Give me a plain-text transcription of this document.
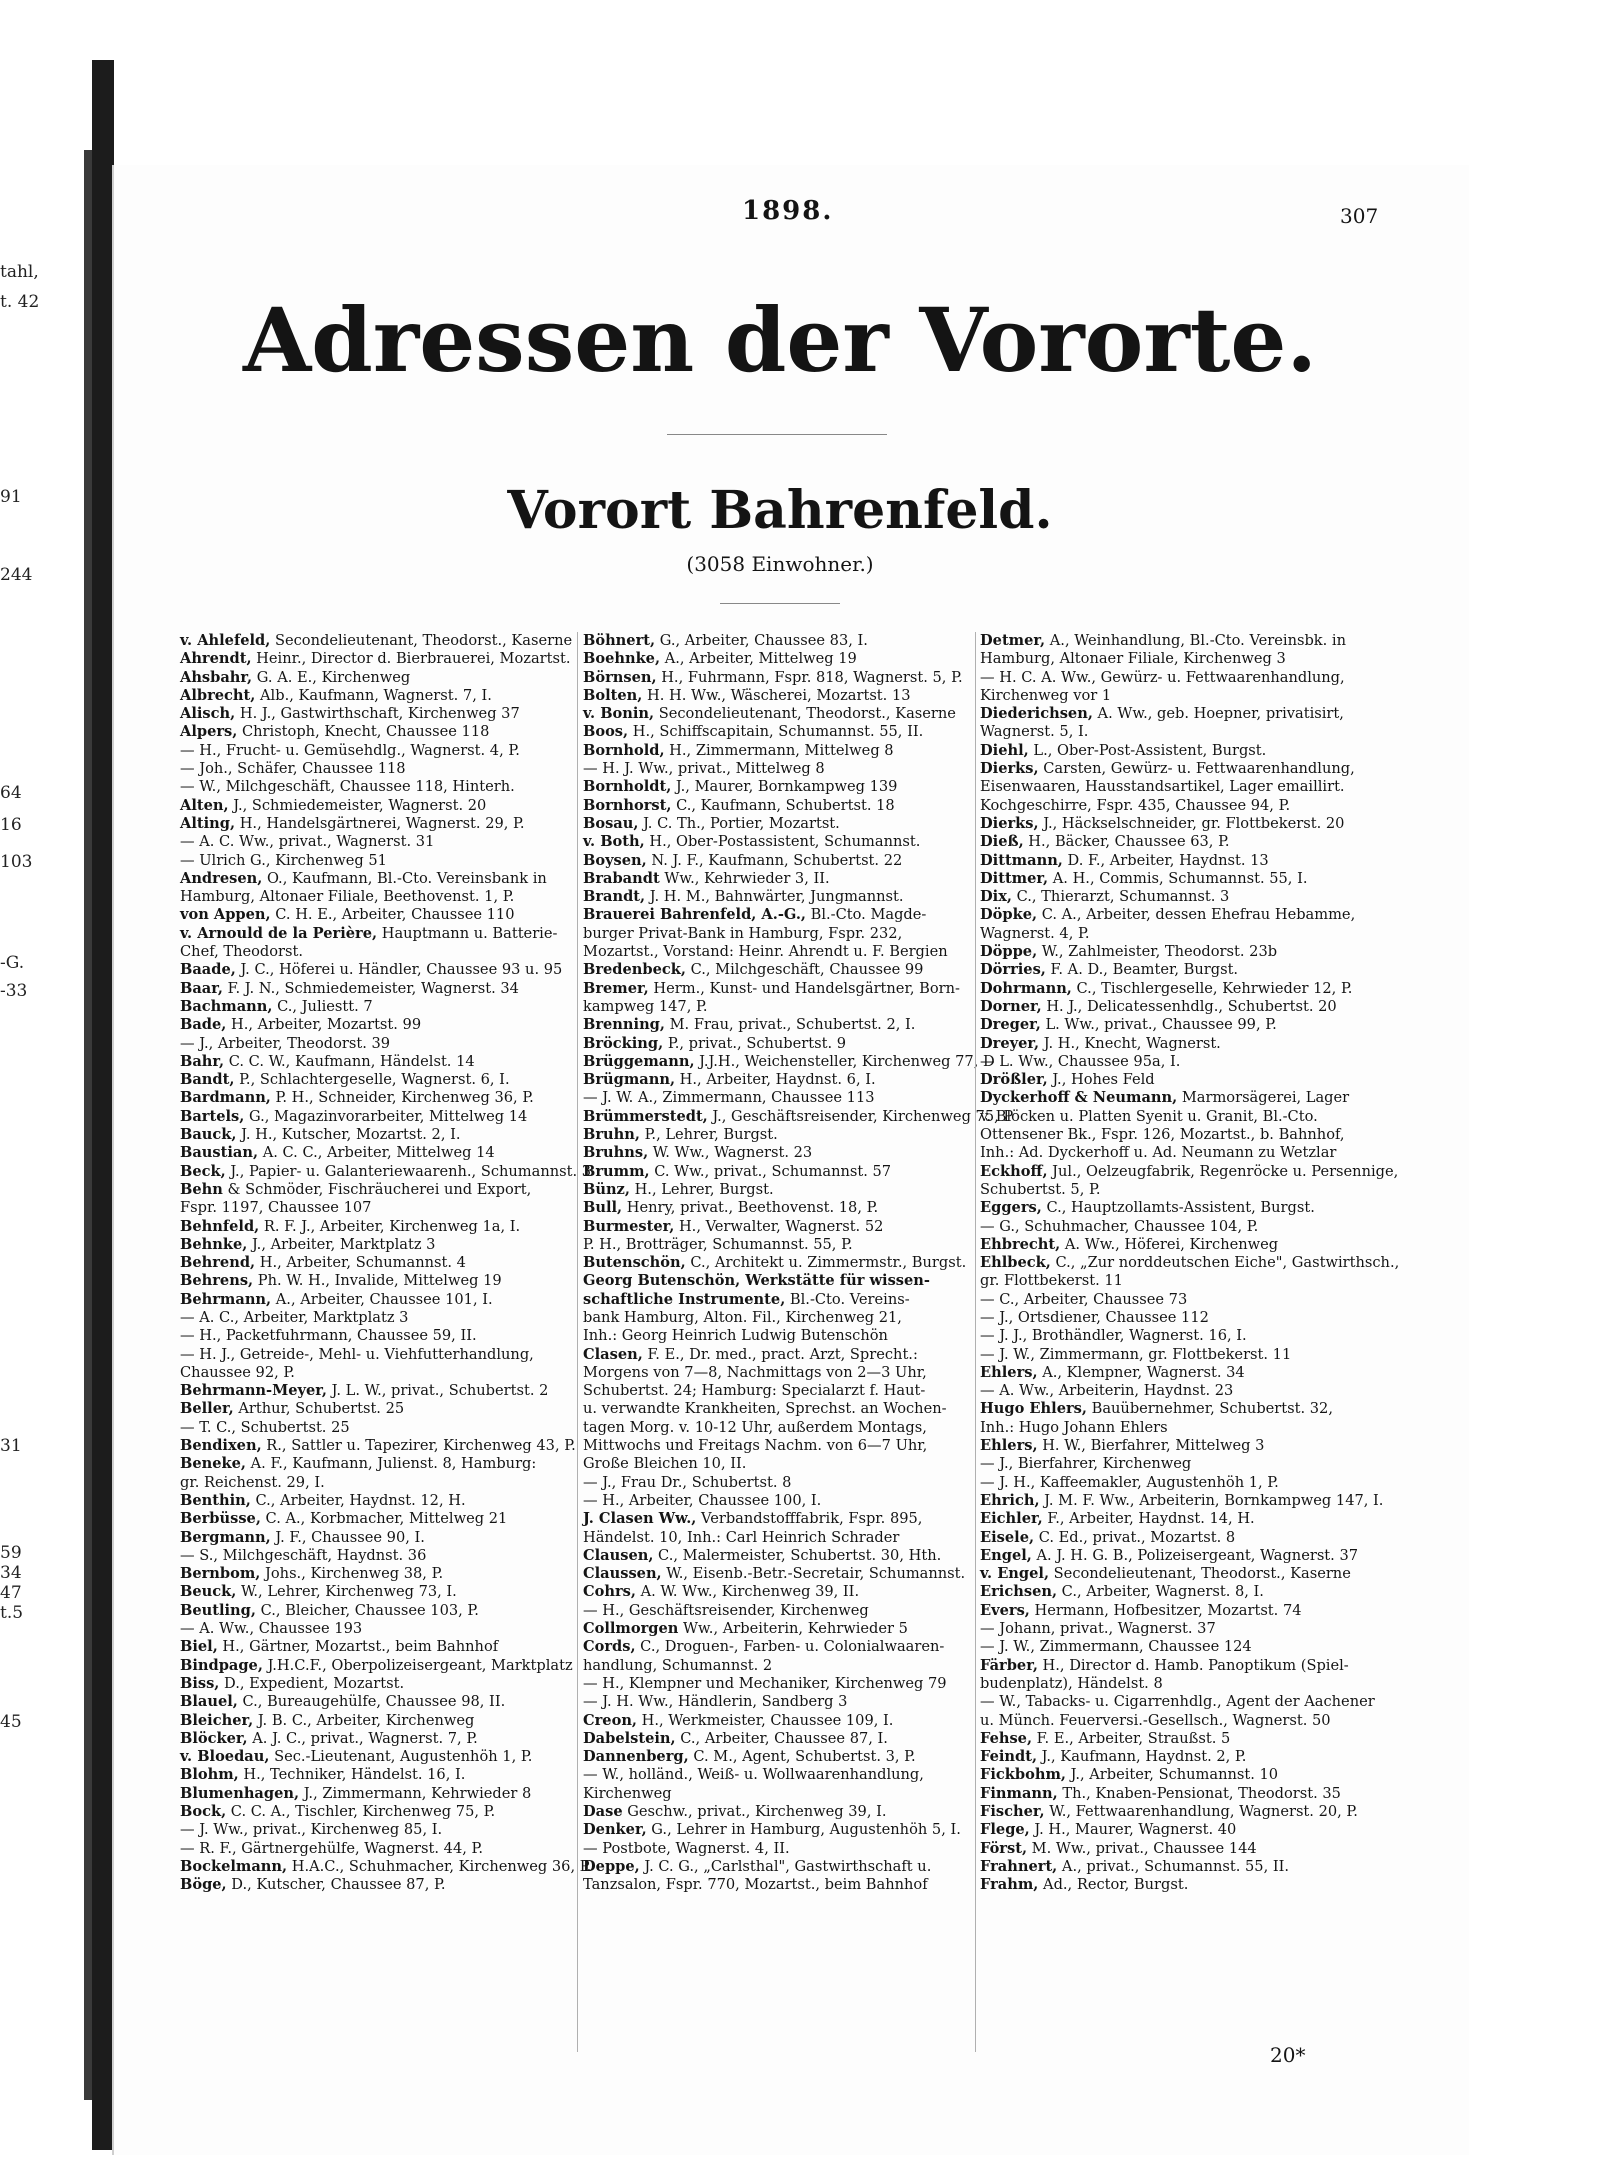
tahl,
t. 42
91
244
64
16
103
-G.
-33
31
59
34
47
t.5
45
1898.	307
Adressen der Vororte.
Vorort Bahrenfeld.
(3058 Einwohner.)
v. Ahlefeld, Secondelieutenant, Theodorst., Kaserne
Ahrendt, Heinr., Director d. Bierbrauerei, Mozartst.
Ahsbahr, G. A. E., Kirchenweg
Albrecht, Alb., Kaufmann, Wagnerst. 7, I.
Alisch, H. J., Gastwirthschaft, Kirchenweg 37
Alpers, Christoph, Knecht, Chaussee 118
— H., Frucht- u. Gemüsehdlg., Wagnerst. 4, P.
— Joh., Schäfer, Chaussee 118
— W., Milchgeschäft, Chaussee 118, Hinterh.
Alten, J., Schmiedemeister, Wagnerst. 20
Alting, H., Handelsgärtnerei, Wagnerst. 29, P.
— A. C. Ww., privat., Wagnerst. 31
— Ulrich G., Kirchenweg 51
Andresen, O., Kaufmann, Bl.-Cto. Vereinsbank in
Hamburg, Altonaer Filiale, Beethovenst. 1, P.
von Appen, C. H. E., Arbeiter, Chaussee 110
v. Arnould de la Perière, Hauptmann u. Batterie-
Chef, Theodorst.
Baade, J. C., Höferei u. Händler, Chaussee 93 u. 95
Baar, F. J. N., Schmiedemeister, Wagnerst. 34
Bachmann, C., Juliestt. 7
Bade, H., Arbeiter, Mozartst. 99
— J., Arbeiter, Theodorst. 39
Bahr, C. C. W., Kaufmann, Händelst. 14
Bandt, P., Schlachtergeselle, Wagnerst. 6, I.
Bardmann, P. H., Schneider, Kirchenweg 36, P.
Bartels, G., Magazinvorarbeiter, Mittelweg 14
Bauck, J. H., Kutscher, Mozartst. 2, I.
Baustian, A. C. C., Arbeiter, Mittelweg 14
Beck, J., Papier- u. Galanteriewaarenh., Schumannst. 3
Behn & Schmöder, Fischräucherei und Export,
Fspr. 1197, Chaussee 107
Behnfeld, R. F. J., Arbeiter, Kirchenweg 1a, I.
Behnke, J., Arbeiter, Marktplatz 3
Behrend, H., Arbeiter, Schumannst. 4
Behrens, Ph. W. H., Invalide, Mittelweg 19
Behrmann, A., Arbeiter, Chaussee 101, I.
— A. C., Arbeiter, Marktplatz 3
— H., Packetfuhrmann, Chaussee 59, II.
— H. J., Getreide-, Mehl- u. Viehfutterhandlung,
Chaussee 92, P.
Behrmann-Meyer, J. L. W., privat., Schubertst. 2
Beller, Arthur, Schubertst. 25
— T. C., Schubertst. 25
Bendixen, R., Sattler u. Tapezirer, Kirchenweg 43, P.
Beneke, A. F., Kaufmann, Julienst. 8, Hamburg:
gr. Reichenst. 29, I.
Benthin, C., Arbeiter, Haydnst. 12, H.
Berbüsse, C. A., Korbmacher, Mittelweg 21
Bergmann, J. F., Chaussee 90, I.
— S., Milchgeschäft, Haydnst. 36
Bernbom, Johs., Kirchenweg 38, P.
Beuck, W., Lehrer, Kirchenweg 73, I.
Beutling, C., Bleicher, Chaussee 103, P.
— A. Ww., Chaussee 193
Biel, H., Gärtner, Mozartst., beim Bahnhof
Bindpage, J.H.C.F., Oberpolizeisergeant, Marktplatz
Biss, D., Expedient, Mozartst.
Blauel, C., Bureaugehülfe, Chaussee 98, II.
Bleicher, J. B. C., Arbeiter, Kirchenweg
Blöcker, A. J. C., privat., Wagnerst. 7, P.
v. Bloedau, Sec.-Lieutenant, Augustenhöh 1, P.
Blohm, H., Techniker, Händelst. 16, I.
Blumenhagen, J., Zimmermann, Kehrwieder 8
Bock, C. C. A., Tischler, Kirchenweg 75, P.
— J. Ww., privat., Kirchenweg 85, I.
— R. F., Gärtnergehülfe, Wagnerst. 44, P.
Bockelmann, H.A.C., Schuhmacher, Kirchenweg 36, P.
Böge, D., Kutscher, Chaussee 87, P.
Böhnert, G., Arbeiter, Chaussee 83, I.
Boehnke, A., Arbeiter, Mittelweg 19
Börnsen, H., Fuhrmann, Fspr. 818, Wagnerst. 5, P.
Bolten, H. H. Ww., Wäscherei, Mozartst. 13
v. Bonin, Secondelieutenant, Theodorst., Kaserne
Boos, H., Schiffscapitain, Schumannst. 55, II.
Bornhold, H., Zimmermann, Mittelweg 8
— H. J. Ww., privat., Mittelweg 8
Bornholdt, J., Maurer, Bornkampweg 139
Bornhorst, C., Kaufmann, Schubertst. 18
Bosau, J. C. Th., Portier, Mozartst.
v. Both, H., Ober-Postassistent, Schumannst.
Boysen, N. J. F., Kaufmann, Schubertst. 22
Brabandt Ww., Kehrwieder 3, II.
Brandt, J. H. M., Bahnwärter, Jungmannst.
Brauerei Bahrenfeld, A.-G., Bl.-Cto. Magde-
burger Privat-Bank in Hamburg, Fspr. 232,
Mozartst., Vorstand: Heinr. Ahrendt u. F. Bergien
Bredenbeck, C., Milchgeschäft, Chaussee 99
Bremer, Herm., Kunst- und Handelsgärtner, Born-
kampweg 147, P.
Brenning, M. Frau, privat., Schubertst. 2, I.
Bröcking, P., privat., Schubertst. 9
Brüggemann, J.J.H., Weichensteller, Kirchenweg 77, D
Brügmann, H., Arbeiter, Haydnst. 6, I.
— J. W. A., Zimmermann, Chaussee 113
Brümmerstedt, J., Geschäftsreisender, Kirchenweg 75, P
Bruhn, P., Lehrer, Burgst.
Bruhns, W. Ww., Wagnerst. 23
Brumm, C. Ww., privat., Schumannst. 57
Bünz, H., Lehrer, Burgst.
Bull, Henry, privat., Beethovenst. 18, P.
Burmester, H., Verwalter, Wagnerst. 52
P. H., Brotträger, Schumannst. 55, P.
Butenschön, C., Architekt u. Zimmermstr., Burgst.
Georg Butenschön, Werkstätte für wissen-
schaftliche Instrumente, Bl.-Cto. Vereins-
bank Hamburg, Alton. Fil., Kirchenweg 21,
Inh.: Georg Heinrich Ludwig Butenschön
Clasen, F. E., Dr. med., pract. Arzt, Sprecht.:
Morgens von 7—8, Nachmittags von 2—3 Uhr,
Schubertst. 24; Hamburg: Specialarzt f. Haut-
u. verwandte Krankheiten, Sprechst. an Wochen-
tagen Morg. v. 10-12 Uhr, außerdem Montags,
Mittwochs und Freitags Nachm. von 6—7 Uhr,
Große Bleichen 10, II.
— J., Frau Dr., Schubertst. 8
— H., Arbeiter, Chaussee 100, I.
J. Clasen Ww., Verbandstofffabrik, Fspr. 895,
Händelst. 10, Inh.: Carl Heinrich Schrader
Clausen, C., Malermeister, Schubertst. 30, Hth.
Claussen, W., Eisenb.-Betr.-Secretair, Schumannst.
Cohrs, A. W. Ww., Kirchenweg 39, II.
— H., Geschäftsreisender, Kirchenweg
Collmorgen Ww., Arbeiterin, Kehrwieder 5
Cords, C., Droguen-, Farben- u. Colonialwaaren-
handlung, Schumannst. 2
— H., Klempner und Mechaniker, Kirchenweg 79
— J. H. Ww., Händlerin, Sandberg 3
Creon, H., Werkmeister, Chaussee 109, I.
Dabelstein, C., Arbeiter, Chaussee 87, I.
Dannenberg, C. M., Agent, Schubertst. 3, P.
— W., holländ., Weiß- u. Wollwaarenhandlung,
Kirchenweg
Dase Geschw., privat., Kirchenweg 39, I.
Denker, G., Lehrer in Hamburg, Augustenhöh 5, I.
— Postbote, Wagnerst. 4, II.
Deppe, J. C. G., „Carlsthal", Gastwirthschaft u.
Tanzsalon, Fspr. 770, Mozartst., beim Bahnhof
Detmer, A., Weinhandlung, Bl.-Cto. Vereinsbk. in
Hamburg, Altonaer Filiale, Kirchenweg 3
— H. C. A. Ww., Gewürz- u. Fettwaarenhandlung,
Kirchenweg vor 1
Diederichsen, A. Ww., geb. Hoepner, privatisirt,
Wagnerst. 5, I.
Diehl, L., Ober-Post-Assistent, Burgst.
Dierks, Carsten, Gewürz- u. Fettwaarenhandlung,
Eisenwaaren, Hausstandsartikel, Lager emaillirt.
Kochgeschirre, Fspr. 435, Chaussee 94, P.
Dierks, J., Häckselschneider, gr. Flottbekerst. 20
Dieß, H., Bäcker, Chaussee 63, P.
Dittmann, D. F., Arbeiter, Haydnst. 13
Dittmer, A. H., Commis, Schumannst. 55, I.
Dix, C., Thierarzt, Schumannst. 3
Döpke, C. A., Arbeiter, dessen Ehefrau Hebamme,
Wagnerst. 4, P.
Döppe, W., Zahlmeister, Theodorst. 23b
Dörries, F. A. D., Beamter, Burgst.
Dohrmann, C., Tischlergeselle, Kehrwieder 12, P.
Dorner, H. J., Delicatessenhdlg., Schubertst. 20
Dreger, L. Ww., privat., Chaussee 99, P.
Dreyer, J. H., Knecht, Wagnerst.
— L. Ww., Chaussee 95a, I.
Drößler, J., Hohes Feld
Dyckerhoff & Neumann, Marmorsägerei, Lager
v. Blöcken u. Platten Syenit u. Granit, Bl.-Cto.
Ottensener Bk., Fspr. 126, Mozartst., b. Bahnhof,
Inh.: Ad. Dyckerhoff u. Ad. Neumann zu Wetzlar
Eckhoff, Jul., Oelzeugfabrik, Regenröcke u. Persennige,
Schubertst. 5, P.
Eggers, C., Hauptzollamts-Assistent, Burgst.
— G., Schuhmacher, Chaussee 104, P.
Ehbrecht, A. Ww., Höferei, Kirchenweg
Ehlbeck, C., „Zur norddeutschen Eiche", Gastwirthsch.,
gr. Flottbekerst. 11
— C., Arbeiter, Chaussee 73
— J., Ortsdiener, Chaussee 112
— J. J., Brothändler, Wagnerst. 16, I.
— J. W., Zimmermann, gr. Flottbekerst. 11
Ehlers, A., Klempner, Wagnerst. 34
— A. Ww., Arbeiterin, Haydnst. 23
Hugo Ehlers, Bauübernehmer, Schubertst. 32,
Inh.: Hugo Johann Ehlers
Ehlers, H. W., Bierfahrer, Mittelweg 3
— J., Bierfahrer, Kirchenweg
— J. H., Kaffeemakler, Augustenhöh 1, P.
Ehrich, J. M. F. Ww., Arbeiterin, Bornkampweg 147, I.
Eichler, F., Arbeiter, Haydnst. 14, H.
Eisele, C. Ed., privat., Mozartst. 8
Engel, A. J. H. G. B., Polizeisergeant, Wagnerst. 37
v. Engel, Secondelieutenant, Theodorst., Kaserne
Erichsen, C., Arbeiter, Wagnerst. 8, I.
Evers, Hermann, Hofbesitzer, Mozartst. 74
— Johann, privat., Wagnerst. 37
— J. W., Zimmermann, Chaussee 124
Färber, H., Director d. Hamb. Panoptikum (Spiel-
budenplatz), Händelst. 8
— W., Tabacks- u. Cigarrenhdlg., Agent der Aachener
u. Münch. Feuerversi.-Gesellsch., Wagnerst. 50
Fehse, F. E., Arbeiter, Straußst. 5
Feindt, J., Kaufmann, Haydnst. 2, P.
Fickbohm, J., Arbeiter, Schumannst. 10
Finmann, Th., Knaben-Pensionat, Theodorst. 35
Fischer, W., Fettwaarenhandlung, Wagnerst. 20, P.
Flege, J. H., Maurer, Wagnerst. 40
Först, M. Ww., privat., Chaussee 144
Frahnert, A., privat., Schumannst. 55, II.
Frahm, Ad., Rector, Burgst.
20*
